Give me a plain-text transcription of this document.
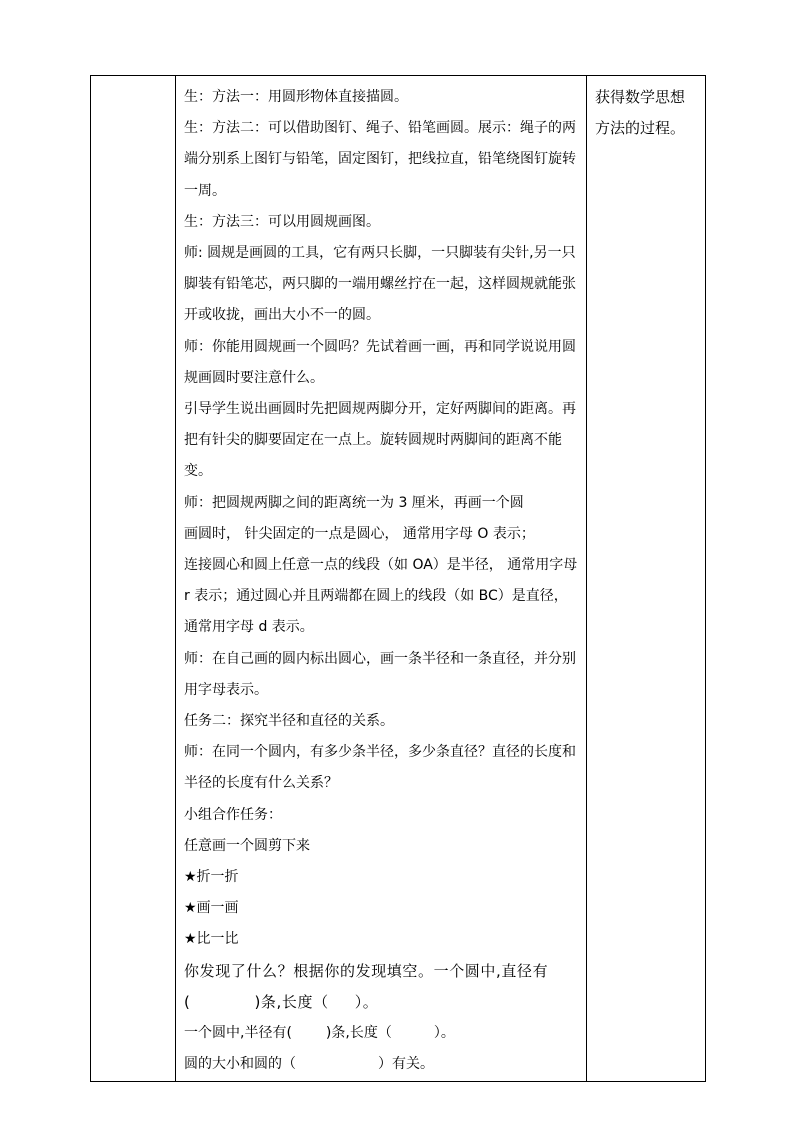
生：方法一：用圆形物体直接描圆。

生：方法二：可以借助图钉、绳子、铅笔画圆。展示：绳子的两端分别系上图钉与铅笔，固定图钉，把线拉直，铅笔绕图钉旋转一周。

生：方法三：可以用圆规画图。

师: 圆规是画圆的工具，它有两只长脚，一只脚装有尖针,另一只脚装有铅笔芯，两只脚的一端用螺丝拧在一起，这样圆规就能张开或收拢，画出大小不一的圆。

师：你能用圆规画一个圆吗？先试着画一画，再和同学说说用圆规画圆时要注意什么。

引导学生说出画圆时先把圆规两脚分开，定好两脚间的距离。再把有针尖的脚要固定在一点上。旋转圆规时两脚间的距离不能变。

师：把圆规两脚之间的距离统一为 3 厘米，再画一个圆

画圆时， 针尖固定的一点是圆心， 通常用字母 O 表示；

连接圆心和圆上任意一点的线段（如 OA）是半径， 通常用字母 r 表示；通过圆心并且两端都在圆上的线段（如 BC）是直径，通常用字母 d 表示。

师：在自己画的圆内标出圆心，画一条半径和一条直径，并分别用字母表示。

任务二：探究半径和直径的关系。

师：在同一个圆内，有多少条半径，多少条直径？直径的长度和半径的长度有什么关系？

小组合作任务：

任意画一个圆剪下来

★折一折

★画一画

★比一比

你发现了什么？根据你的发现填空。一个圆中,直径有
(	)条,长度（ ）。

一个圆中,半径有( )条,长度（	）。

圆的大小和圆的（	）有关。

获得数学思想方法的过程。
